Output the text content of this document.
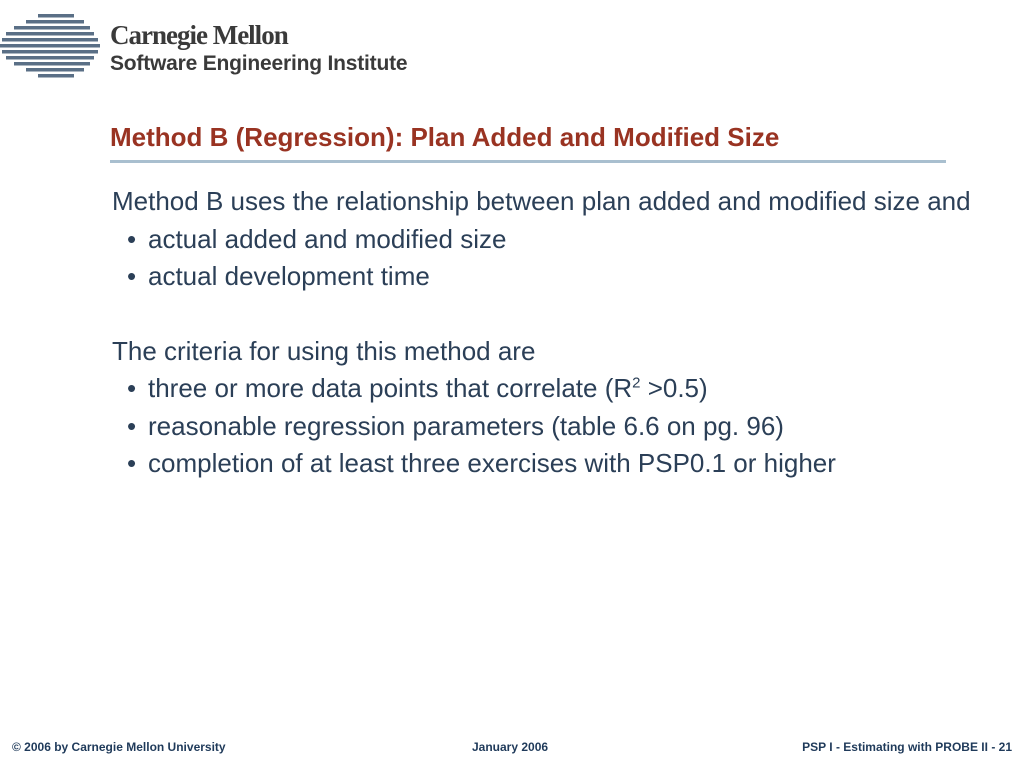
Carnegie Mellon
Software Engineering Institute
Method B (Regression): Plan Added and Modified Size

Method B uses the relationship between plan added and modified size and

• actual added and modified size
• actual development time

The criteria for using this method are

• three or more data points that correlate $(R^2 >0.5)$
• reasonable regression parameters (table 6.6 on pg. 96)
• completion of at least three exercises with PSP0.1 or higher
© 2006 by Carnegie Mellon University	January 2006	PSP I - Estimating with PROBE II - 21
